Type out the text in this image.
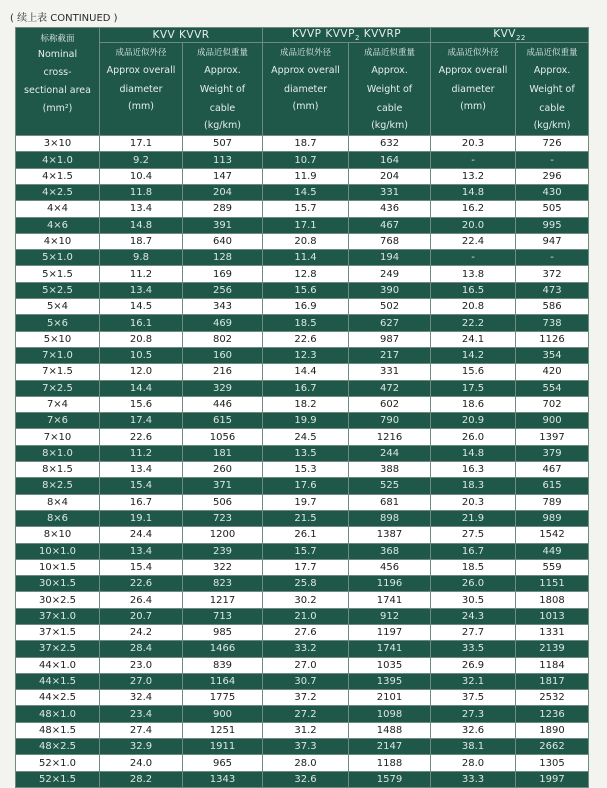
( 续上表 CONTINUED )
标称截面
Nominal
cross-
sectional area
(mm²)	KVV KVVR		KVVP $KVVP_2$ KVVRP		$KVV_{22}$

	成品近似外径
Approx overall
diameter
(mm)	成品近似重量
Approx.
Weight of
cable
(kg/km)	成品近似外径
Approx overall
diameter
(mm)	成品近似重量
Approx.
Weight of
cable
(kg/km)	成品近似外径
Approx overall
diameter
(mm)	成品近似重量
Approx.
Weight of
cable
(kg/km)

3×10	17.1	507	18.7	632	20.3	726
4×1.0	9.2	113	10.7	164	-	-
4×1.5	10.4	147	11.9	204	13.2	296
4×2.5	11.8	204	14.5	331	14.8	430
4×4	13.4	289	15.7	436	16.2	505
4×6	14.8	391	17.1	467	20.0	995
4×10	18.7	640	20.8	768	22.4	947
5×1.0	9.8	128	11.4	194	-	-
5×1.5	11.2	169	12.8	249	13.8	372
5×2.5	13.4	256	15.6	390	16.5	473
5×4	14.5	343	16.9	502	20.8	586
5×6	16.1	469	18.5	627	22.2	738
5×10	20.8	802	22.6	987	24.1	1126
7×1.0	10.5	160	12.3	217	14.2	354
7×1.5	12.0	216	14.4	331	15.6	420
7×2.5	14.4	329	16.7	472	17.5	554
7×4	15.6	446	18.2	602	18.6	702
7×6	17.4	615	19.9	790	20.9	900
7×10	22.6	1056	24.5	1216	26.0	1397
8×1.0	11.2	181	13.5	244	14.8	379
8×1.5	13.4	260	15.3	388	16.3	467
8×2.5	15.4	371	17.6	525	18.3	615
8×4	16.7	506	19.7	681	20.3	789
8×6	19.1	723	21.5	898	21.9	989
8×10	24.4	1200	26.1	1387	27.5	1542
10×1.0	13.4	239	15.7	368	16.7	449
10×1.5	15.4	322	17.7	456	18.5	559
30×1.5	22.6	823	25.8	1196	26.0	1151
30×2.5	26.4	1217	30.2	1741	30.5	1808
37×1.0	20.7	713	21.0	912	24.3	1013
37×1.5	24.2	985	27.6	1197	27.7	1331
37×2.5	28.4	1466	33.2	1741	33.5	2139
44×1.0	23.0	839	27.0	1035	26.9	1184
44×1.5	27.0	1164	30.7	1395	32.1	1817
44×2.5	32.4	1775	37.2	2101	37.5	2532
48×1.0	23.4	900	27.2	1098	27.3	1236
48×1.5	27.4	1251	31.2	1488	32.6	1890
48×2.5	32.9	1911	37.3	2147	38.1	2662
52×1.0	24.0	965	28.0	1188	28.0	1305
52×1.5	28.2	1343	32.6	1579	33.3	1997
